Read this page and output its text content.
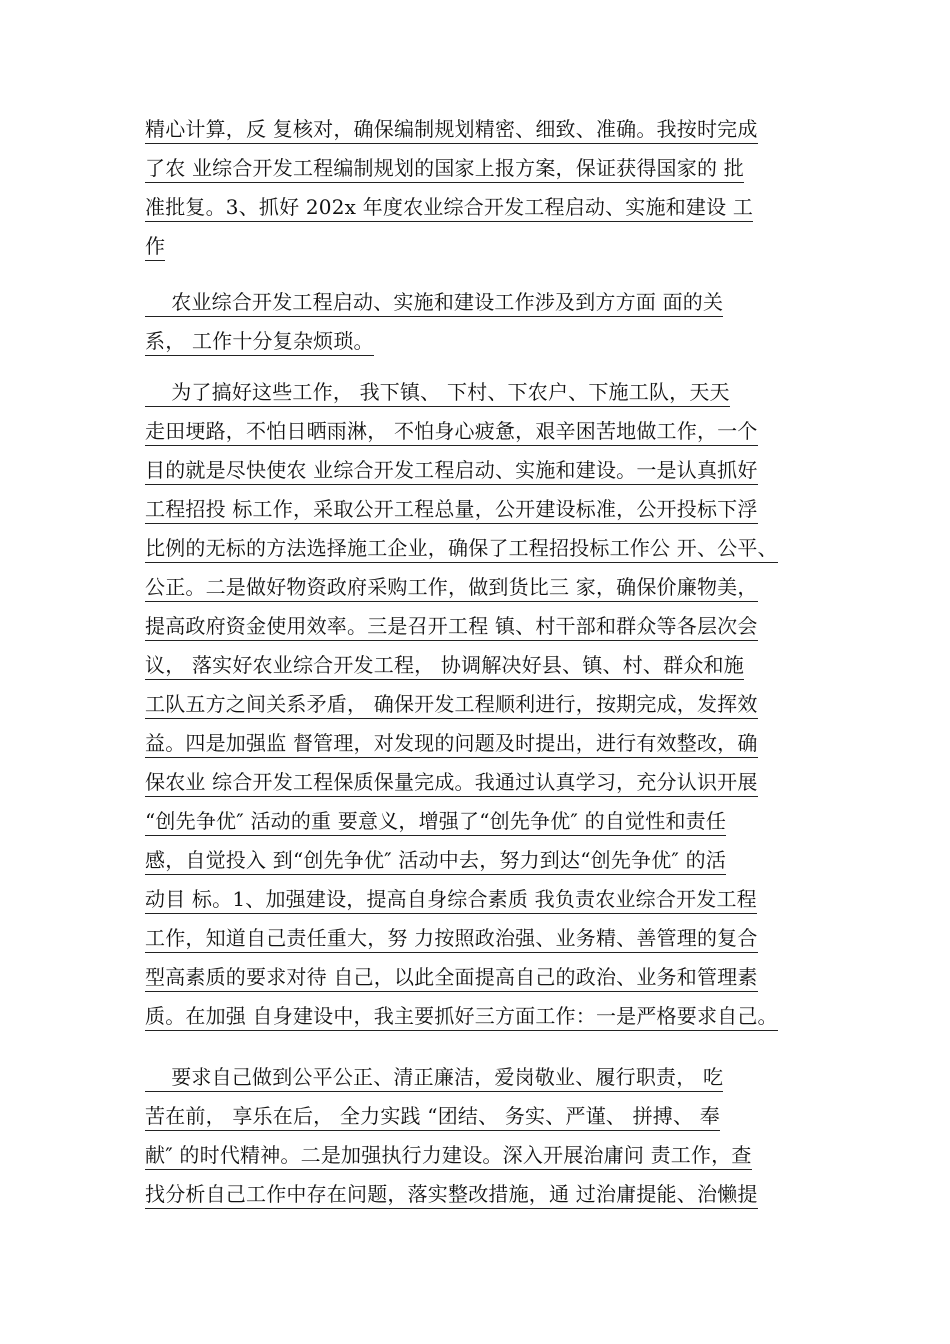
精心计算，反 复核对，确保编制规划精密、细致、准确。我按时完成
了农 业综合开发工程编制规划的国家上报方案，保证获得国家的 批
准批复。3、抓好 202x 年度农业综合开发工程启动、实施和建设 工
作
农业综合开发工程启动、实施和建设工作涉及到方方面 面的关
系， 工作十分复杂烦琐。
为了搞好这些工作， 我下镇、 下村、下农户、下施工队，天天
走田埂路，不怕日晒雨淋， 不怕身心疲惫，艰辛困苦地做工作，一个
目的就是尽快使农 业综合开发工程启动、实施和建设。一是认真抓好
工程招投 标工作，采取公开工程总量，公开建设标准，公开投标下浮
比例的无标的方法选择施工企业，确保了工程招投标工作公 开、公平、
公正。二是做好物资政府采购工作，做到货比三 家，确保价廉物美，
提高政府资金使用效率。三是召开工程 镇、村干部和群众等各层次会
议， 落实好农业综合开发工程， 协调解决好县、镇、村、群众和施
工队五方之间关系矛盾， 确保开发工程顺利进行，按期完成，发挥效
益。四是加强监 督管理，对发现的问题及时提出，进行有效整改，确
保农业 综合开发工程保质保量完成。我通过认真学习，充分认识开展
“创先争优″ 活动的重 要意义，增强了“创先争优″ 的自觉性和责任
感，自觉投入 到“创先争优″ 活动中去，努力到达“创先争优″ 的活
动目 标。1、加强建设，提高自身综合素质 我负责农业综合开发工程
工作，知道自己责任重大，努 力按照政治强、业务精、善管理的复合
型高素质的要求对待 自己，以此全面提高自己的政治、业务和管理素
质。在加强 自身建设中，我主要抓好三方面工作：一是严格要求自己。
要求自己做到公平公正、清正廉洁，爱岗敬业、履行职责， 吃
苦在前， 享乐在后， 全力实践 “团结、 务实、严谨、 拼搏、 奉
献″ 的时代精神。二是加强执行力建设。深入开展治庸问 责工作，查
找分析自己工作中存在问题，落实整改措施，通 过治庸提能、治懒提
